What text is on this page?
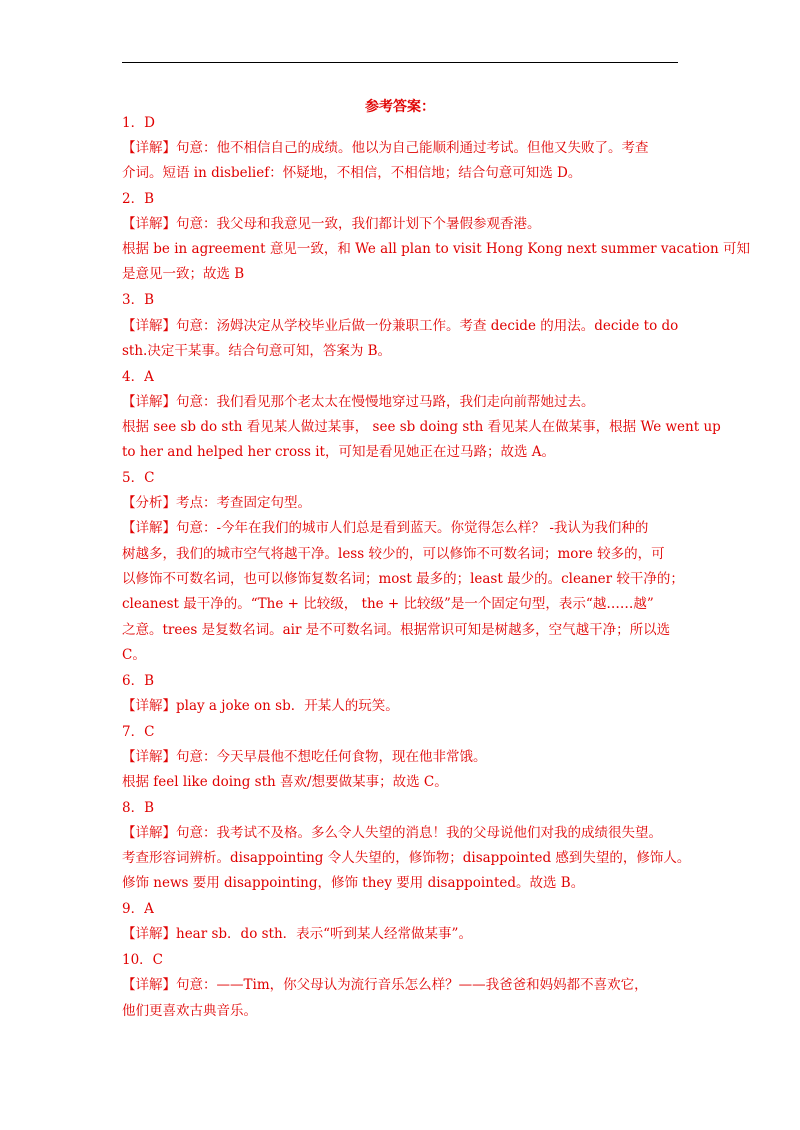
参考答案：
1．D
【详解】句意：他不相信自己的成绩。他以为自己能顺利通过考试。但他又失败了。考查
介词。短语 in disbelief：怀疑地，不相信，不相信地；结合句意可知选 D。
2．B
【详解】句意：我父母和我意见一致，我们都计划下个暑假参观香港。
根据 be in agreement 意见一致，和 We all plan to visit Hong Kong next summer vacation 可知
是意见一致；故选 B
3．B
【详解】句意：汤姆决定从学校毕业后做一份兼职工作。考查 decide 的用法。decide to do
sth.决定干某事。结合句意可知，答案为 B。
4．A
【详解】句意：我们看见那个老太太在慢慢地穿过马路，我们走向前帮她过去。
根据 see sb do sth 看见某人做过某事， see sb doing sth 看见某人在做某事，根据 We went up
to her and helped her cross it，可知是看见她正在过马路；故选 A。
5．C
【分析】考点：考查固定句型。
【详解】句意：-今年在我们的城市人们总是看到蓝天。你觉得怎么样？ -我认为我们种的
树越多，我们的城市空气将越干净。less 较少的，可以修饰不可数名词；more 较多的，可
以修饰不可数名词，也可以修饰复数名词；most 最多的；least 最少的。cleaner 较干净的；
cleanest 最干净的。“The + 比较级， the + 比较级”是一个固定句型，表示“越……越”
之意。trees 是复数名词。air 是不可数名词。根据常识可知是树越多，空气越干净；所以选
C。
6．B
【详解】play a joke on sb．开某人的玩笑。
7．C
【详解】句意：今天早晨他不想吃任何食物，现在他非常饿。
根据 feel like doing sth 喜欢/想要做某事；故选 C。
8．B
【详解】句意：我考试不及格。多么令人失望的消息！我的父母说他们对我的成绩很失望。
考查形容词辨析。disappointing 令人失望的，修饰物；disappointed 感到失望的，修饰人。
修饰 news 要用 disappointing，修饰 they 要用 disappointed。故选 B。
9．A
【详解】hear sb．do sth．表示“听到某人经常做某事”。
10．C
【详解】句意：——Tim，你父母认为流行音乐怎么样？——我爸爸和妈妈都不喜欢它，
他们更喜欢古典音乐。
